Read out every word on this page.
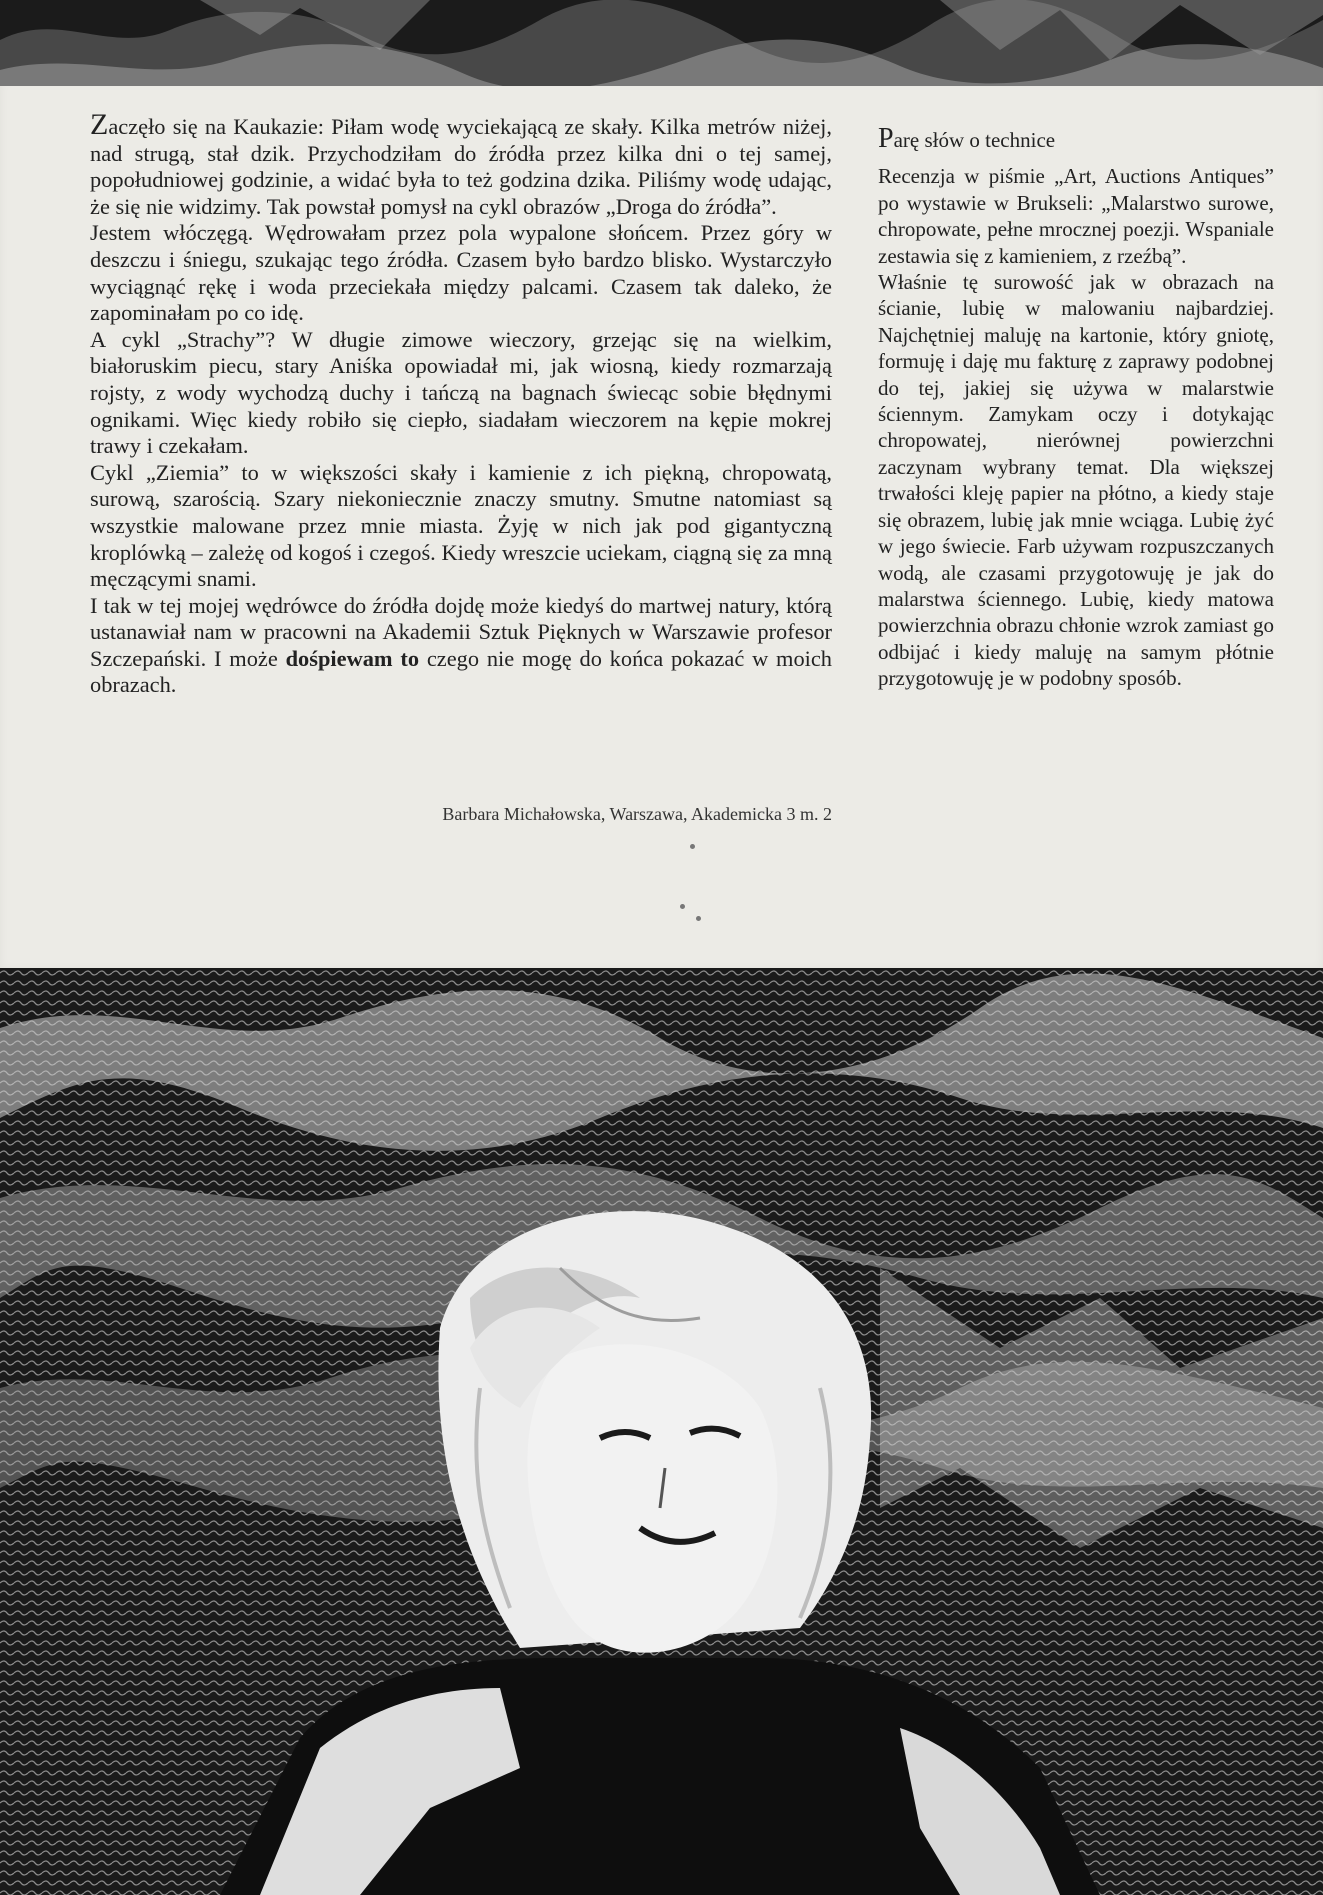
Zaczęło się na Kaukazie: Piłam wodę wyciekającą ze skały. Kilka metrów niżej, nad strugą, stał dzik. Przychodziłam do źródła przez kilka dni o tej samej, popołudniowej godzinie, a widać była to też godzina dzika. Piliśmy wodę udając, że się nie widzimy. Tak powstał pomysł na cykl obrazów „Droga do źródła”.

Jestem włóczęgą. Wędrowałam przez pola wypalone słońcem. Przez góry w deszczu i śniegu, szukając tego źródła. Czasem było bardzo blisko. Wystarczyło wyciągnąć rękę i woda przeciekała między palcami. Czasem tak daleko, że zapominałam po co idę.

A cykl „Strachy”? W długie zimowe wieczory, grzejąc się na wielkim, białoruskim piecu, stary Aniśka opowiadał mi, jak wiosną, kiedy rozmarzają rojsty, z wody wychodzą duchy i tańczą na bagnach świecąc sobie błędnymi ognikami. Więc kiedy robiło się ciepło, siadałam wieczorem na kępie mokrej trawy i czekałam.

Cykl „Ziemia” to w większości skały i kamienie z ich piękną, chropowatą, surową, szarością. Szary niekoniecznie znaczy smutny. Smutne natomiast są wszystkie malowane przez mnie miasta. Żyję w nich jak pod gigantyczną kroplówką – zależę od kogoś i czegoś. Kiedy wreszcie uciekam, ciągną się za mną męczącymi snami.

I tak w tej mojej wędrówce do źródła dojdę może kiedyś do martwej natury, którą ustanawiał nam w pracowni na Akademii Sztuk Pięknych w Warszawie profesor Szczepański. I może dośpiewam to czego nie mogę do końca pokazać w moich obrazach.

Barbara Michałowska, Warszawa, Akademicka 3 m. 2
Parę słów o technice

Recenzja w piśmie „Art, Auctions Antiques” po wystawie w Brukseli: „Malarstwo surowe, chropowate, pełne mrocznej poezji. Wspaniale zestawia się z kamieniem, z rzeźbą”.

Właśnie tę surowość jak w obrazach na ścianie, lubię w malowaniu najbardziej. Najchętniej maluję na kartonie, który gniotę, formuję i daję mu fakturę z zaprawy podobnej do tej, jakiej się używa w malarstwie ściennym. Zamykam oczy i dotykając chropowatej, nierównej powierzchni zaczynam wybrany temat. Dla większej trwałości kleję papier na płótno, a kiedy staje się obrazem, lubię jak mnie wciąga. Lubię żyć w jego świecie. Farb używam rozpuszczanych wodą, ale czasami przygotowuję je jak do malarstwa ściennego. Lubię, kiedy matowa powierzchnia obrazu chłonie wzrok zamiast go odbijać i kiedy maluję na samym płótnie przygotowuję je w podobny sposób.
